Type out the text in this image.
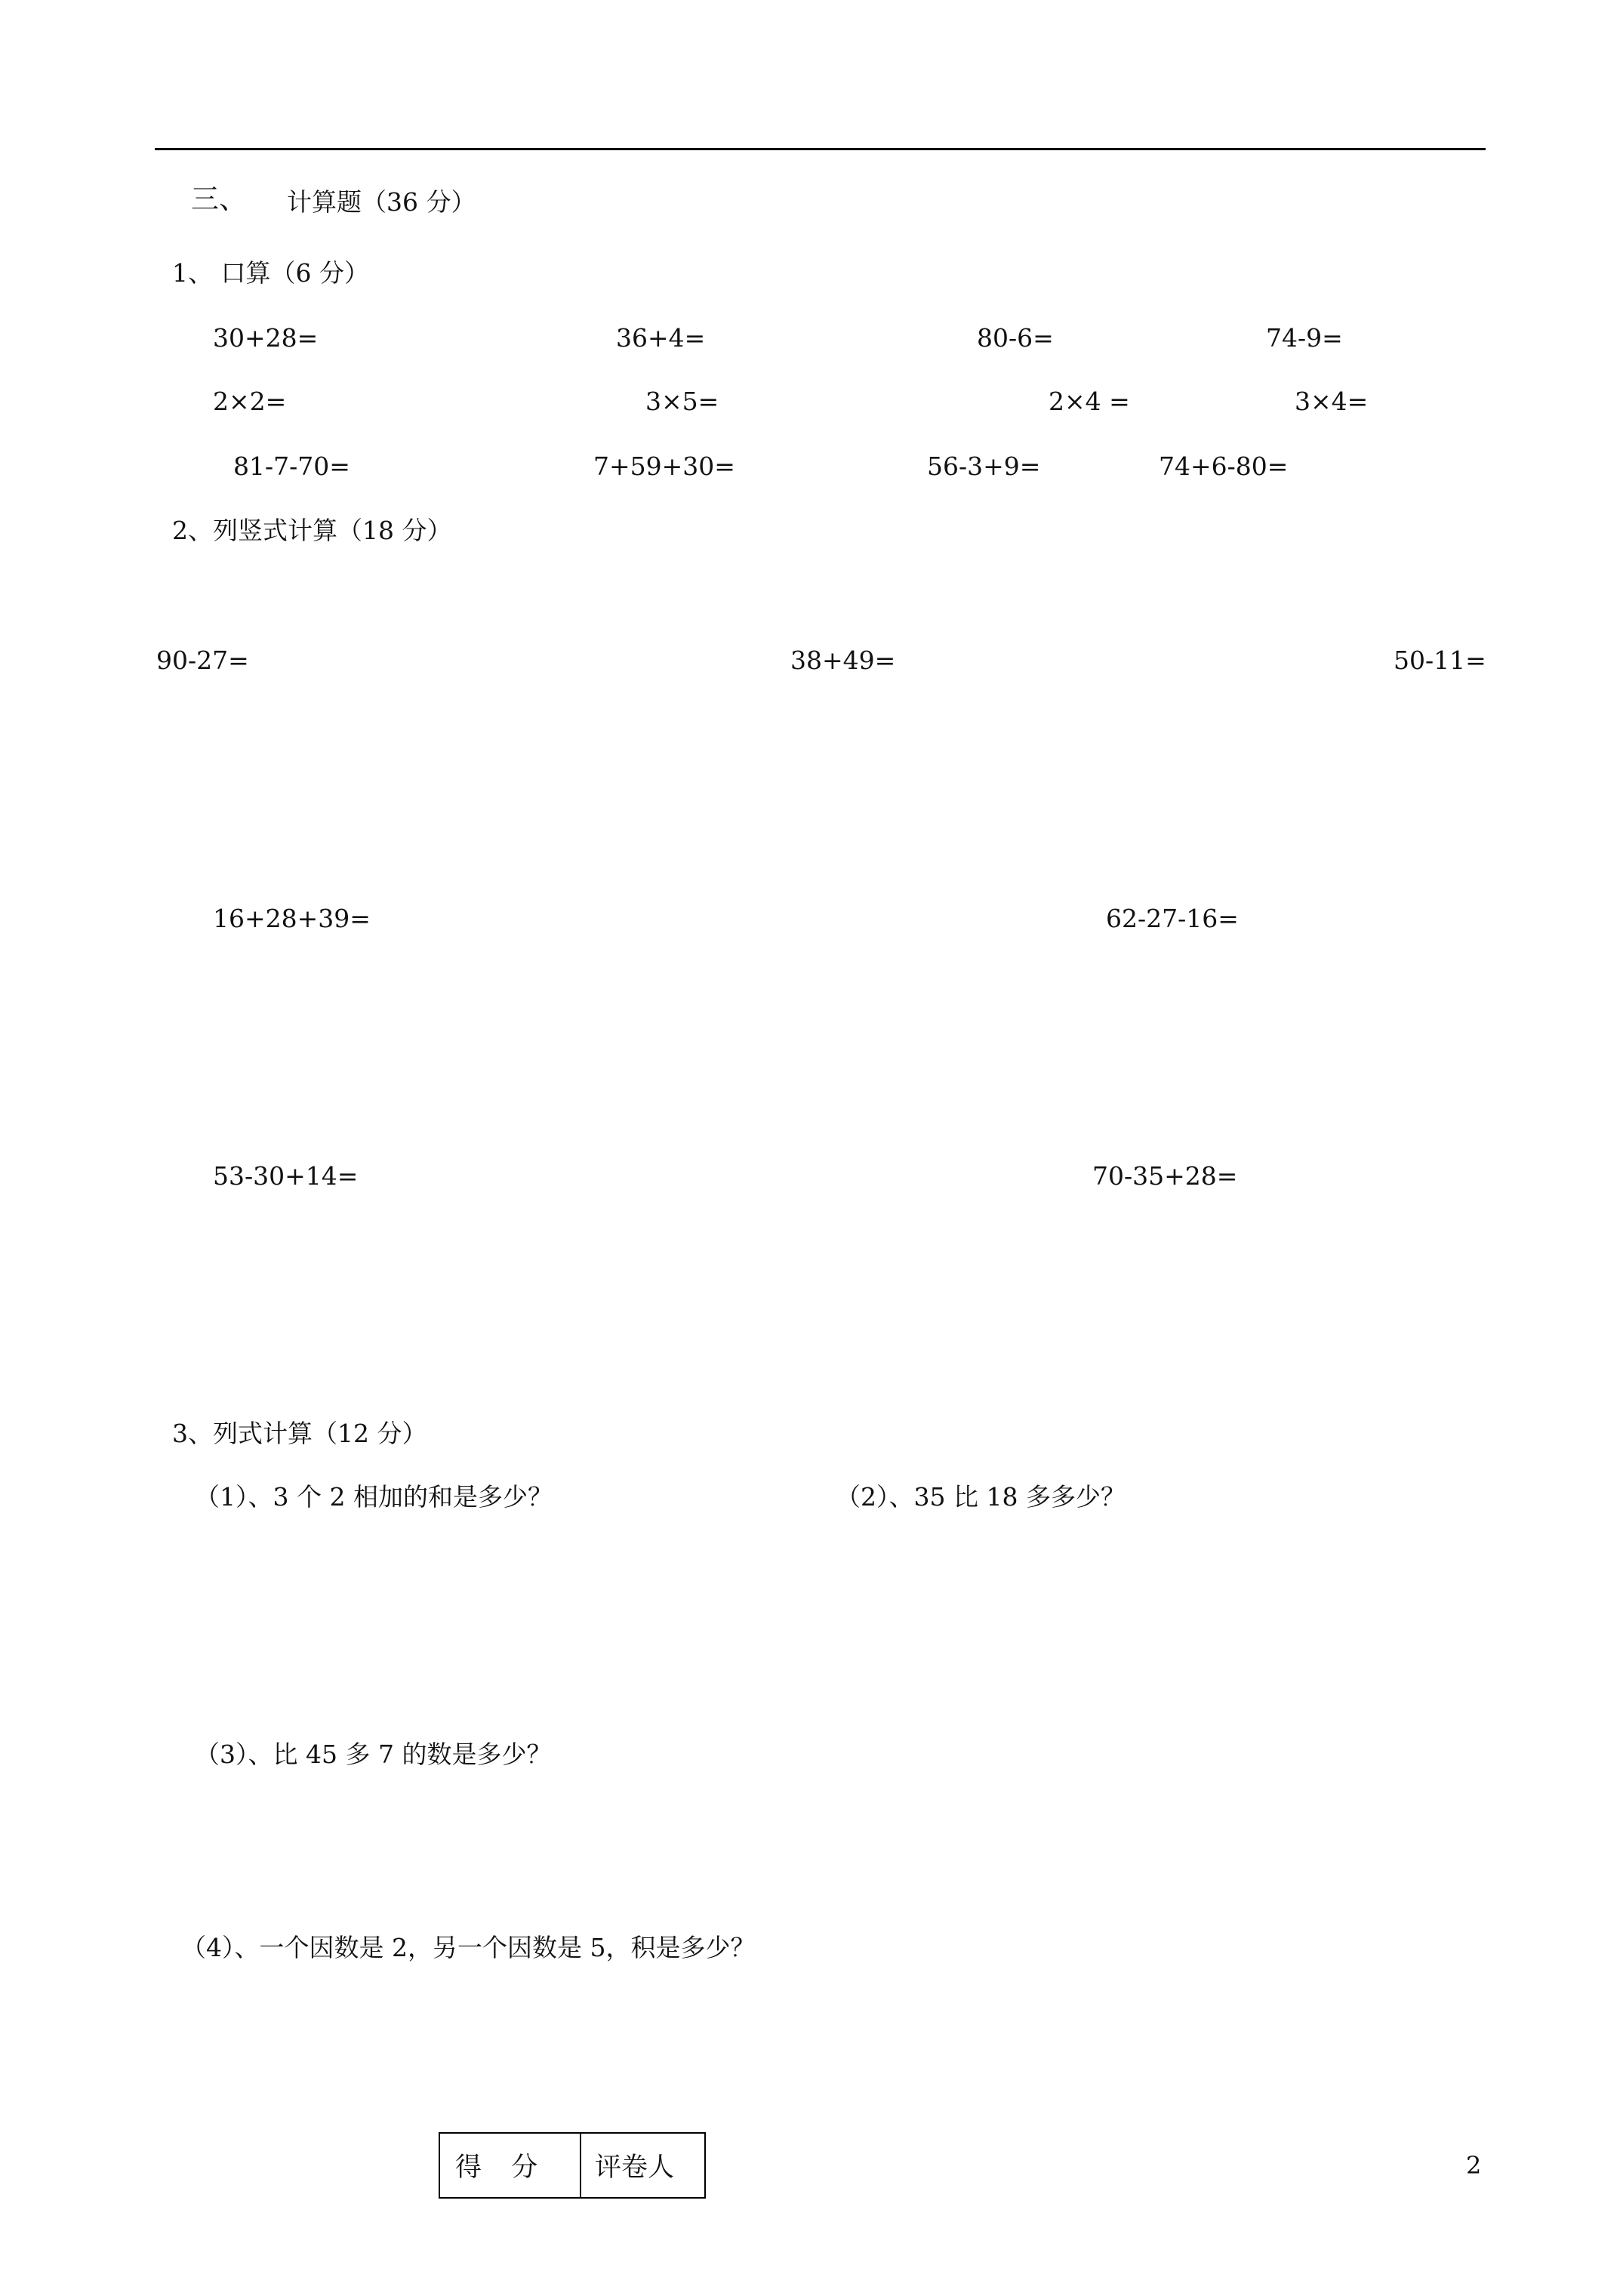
三、 计算题（36 分）
1、 口算（6 分）
30+28=	36+4=	80-6=	74-9=
2×2=	3×5=	2×4 =	3×4=
81-7-70=	7+59+30=	56-3+9=	74+6-80=
2、列竖式计算（18 分）
90-27=	38+49=	50-11=
16+28+39=	62-27-16=
53-30+14=	70-35+28=
3、列式计算（12 分）
（1）、3 个 2 相加的和是多少？	（2）、35 比 18 多多少？
（3）、比 45 多 7 的数是多少？
（4）、一个因数是 2，另一个因数是 5，积是多少？
得 分	评卷人	2
